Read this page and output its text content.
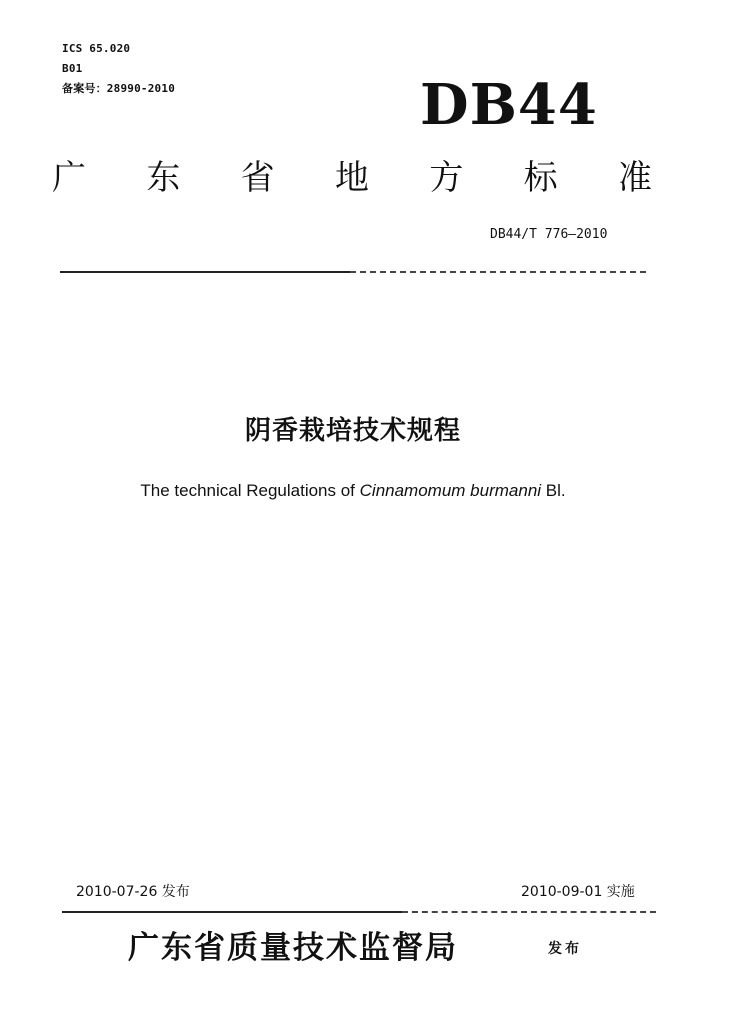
ICS 65.020
B01
备案号：28990-2010	DB44
广 东 省 地 方 标 准
DB44/T 776—2010
阴香栽培技术规程
The technical Regulations of Cinnamomum burmanni Bl.
2010-07-26 发布	2010-09-01 实施
广东省质量技术监督局	发布
